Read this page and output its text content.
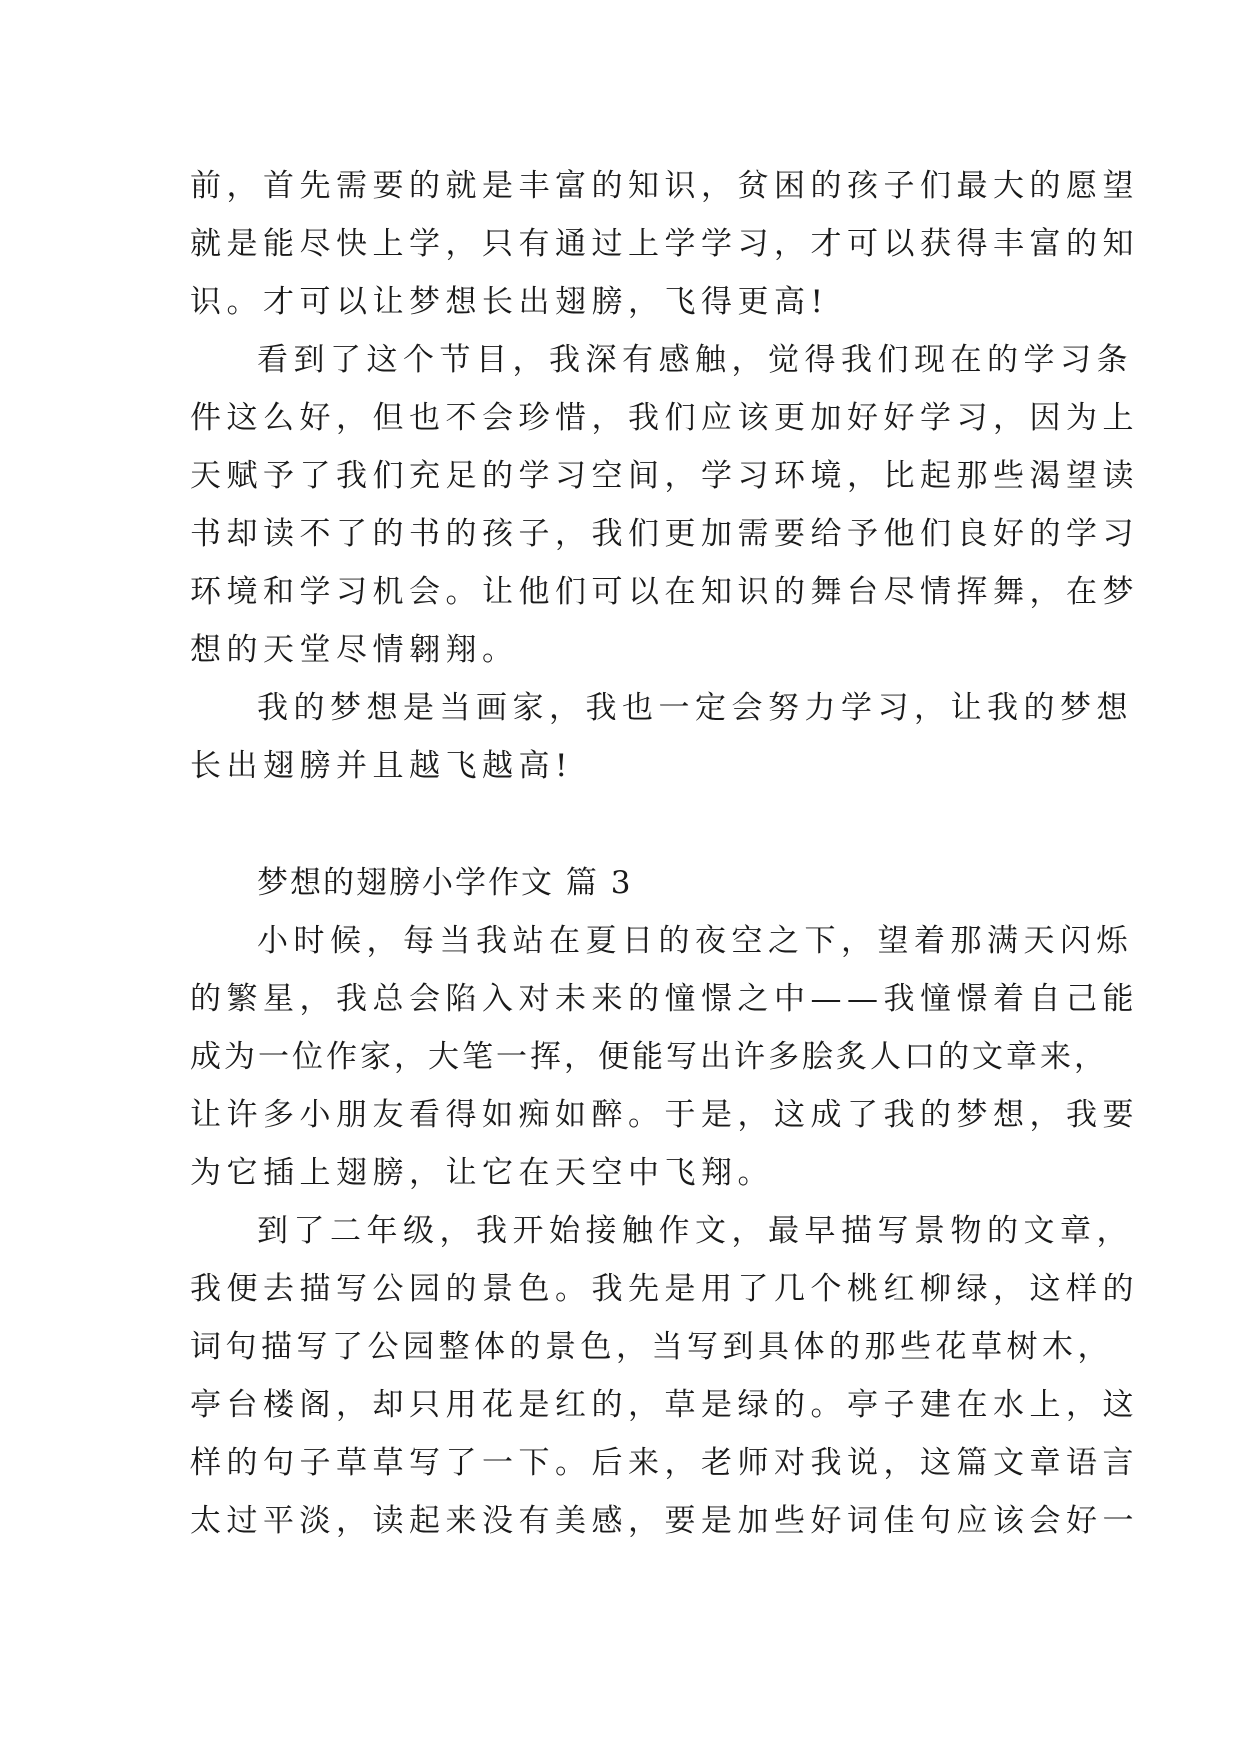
前，首先需要的就是丰富的知识，贫困的孩子们最大的愿望
就是能尽快上学，只有通过上学学习，才可以获得丰富的知
识。才可以让梦想长出翅膀，飞得更高!
看到了这个节目，我深有感触，觉得我们现在的学习条
件这么好，但也不会珍惜，我们应该更加好好学习，因为上
天赋予了我们充足的学习空间，学习环境，比起那些渴望读
书却读不了的书的孩子，我们更加需要给予他们良好的学习
环境和学习机会。让他们可以在知识的舞台尽情挥舞，在梦
想的天堂尽情翱翔。
我的梦想是当画家，我也一定会努力学习，让我的梦想
长出翅膀并且越飞越高!
梦想的翅膀小学作文 篇 3
小时候，每当我站在夏日的夜空之下，望着那满天闪烁
的繁星，我总会陷入对未来的憧憬之中——我憧憬着自己能
成为一位作家，大笔一挥，便能写出许多脍炙人口的文章来，
让许多小朋友看得如痴如醉。于是，这成了我的梦想，我要
为它插上翅膀，让它在天空中飞翔。
到了二年级，我开始接触作文，最早描写景物的文章，
我便去描写公园的景色。我先是用了几个桃红柳绿，这样的
词句描写了公园整体的景色，当写到具体的那些花草树木，
亭台楼阁，却只用花是红的，草是绿的。亭子建在水上，这
样的句子草草写了一下。后来，老师对我说，这篇文章语言
太过平淡，读起来没有美感，要是加些好词佳句应该会好一
